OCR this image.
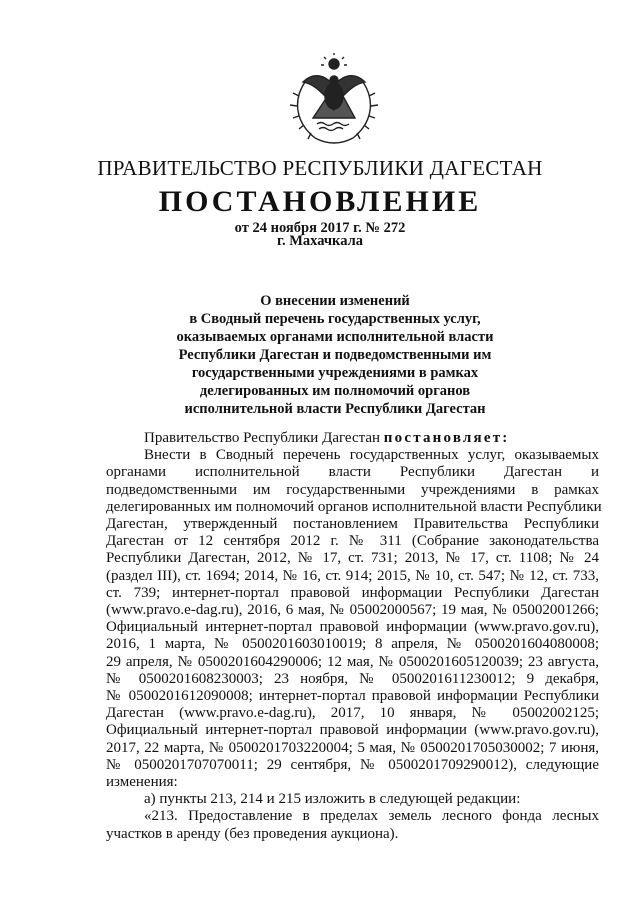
ПРАВИТЕЛЬСТВО РЕСПУБЛИКИ ДАГЕСТАН
ПОСТАНОВЛЕНИЕ
от 24 ноября 2017 г. № 272
г. Махачкала
О внесении изменений
в Сводный перечень государственных услуг,
оказываемых органами исполнительной власти
Республики Дагестан и подведомственными им
государственными учреждениями в рамках
делегированных им полномочий органов
исполнительной власти Республики Дагестан

Правительство Республики Дагестан постановляет:

Внести в Сводный перечень государственных услуг, оказываемых
органами исполнительной власти Республики Дагестан и
подведомственными им государственными учреждениями в рамках
делегированных им полномочий органов исполнительной власти Республики
Дагестан, утвержденный постановлением Правительства Республики
Дагестан от 12 сентября 2012 г. № 311 (Собрание законодательства
Республики Дагестан, 2012, № 17, ст. 731; 2013, № 17, ст. 1108; № 24
(раздел III), ст. 1694; 2014, № 16, ст. 914; 2015, № 10, ст. 547; № 12, ст. 733,
ст. 739; интернет-портал правовой информации Республики Дагестан
(www.pravo.e-dag.ru), 2016, 6 мая, № 05002000567; 19 мая, № 05002001266;
Официальный интернет-портал правовой информации (www.pravo.gov.ru),
2016, 1 марта, № 0500201603010019; 8 апреля, № 0500201604080008;
29 апреля, № 0500201604290006; 12 мая, № 0500201605120039; 23 августа,
№ 0500201608230003; 23 ноября, № 0500201611230012; 9 декабря,
№ 0500201612090008; интернет-портал правовой информации Республики
Дагестан (www.pravo.e-dag.ru), 2017, 10 января, № 05002002125;
Официальный интернет-портал правовой информации (www.pravo.gov.ru),
2017, 22 марта, № 0500201703220004; 5 мая, № 0500201705030002; 7 июня,
№ 0500201707070011; 29 сентября, № 0500201709290012), следующие
изменения:
а) пункты 213, 214 и 215 изложить в следующей редакции:
«213. Предоставление в пределах земель лесного фонда лесных
участков в аренду (без проведения аукциона).
